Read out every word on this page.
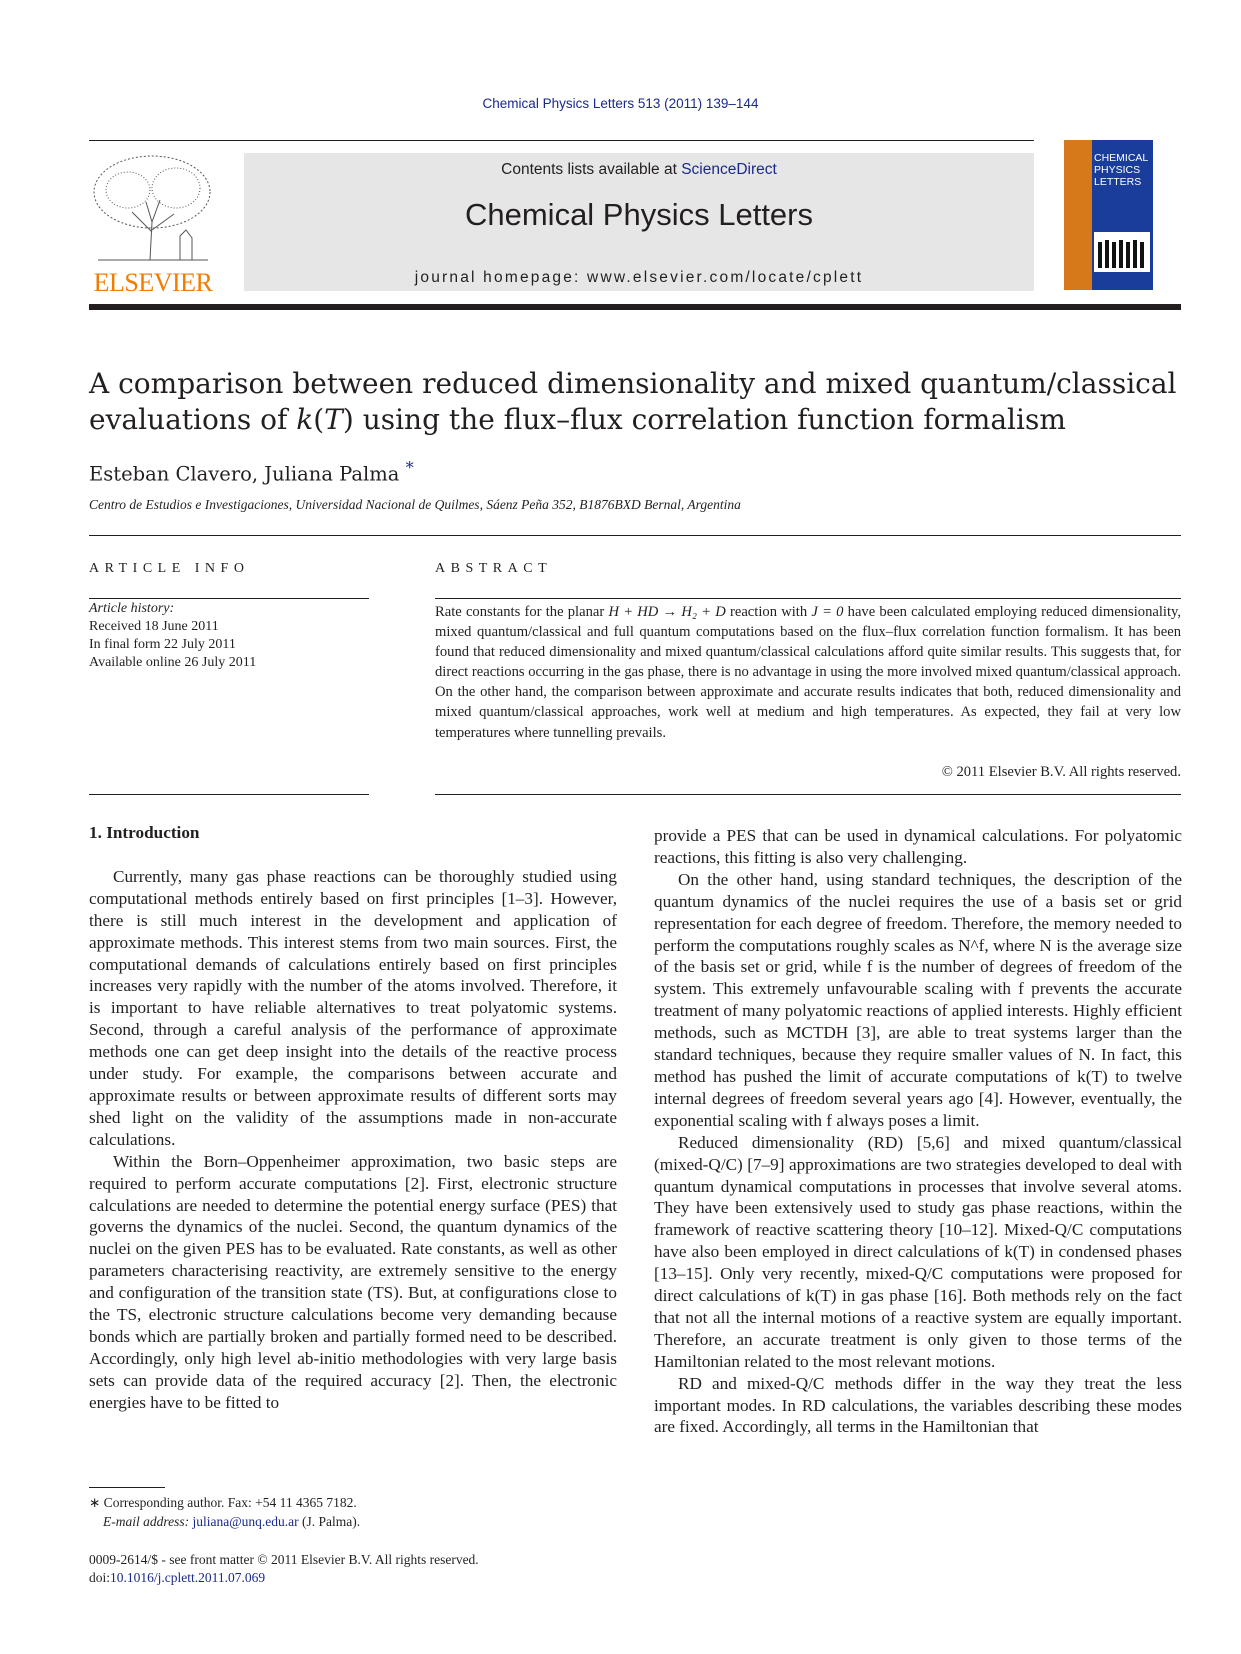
Chemical Physics Letters 513 (2011) 139–144
ELSEVIER
Contents lists available at ScienceDirect
Chemical Physics Letters
journal homepage: www.elsevier.com/locate/cplett
CHEMICAL PHYSICS LETTERS
A comparison between reduced dimensionality and mixed quantum/classical
evaluations of k(T) using the flux–flux correlation function formalism
Esteban Clavero, Juliana Palma *
Centro de Estudios e Investigaciones, Universidad Nacional de Quilmes, Sáenz Peña 352, B1876BXD Bernal, Argentina
ARTICLE INFO
Article history:
Received 18 June 2011
In final form 22 July 2011
Available online 26 July 2011
ABSTRACT
Rate constants for the planar H + HD → H₂ + D reaction with J = 0 have been calculated employing reduced dimensionality, mixed quantum/classical and full quantum computations based on the flux–flux correlation function formalism. It has been found that reduced dimensionality and mixed quantum/classical calculations afford quite similar results. This suggests that, for direct reactions occurring in the gas phase, there is no advantage in using the more involved mixed quantum/classical approach. On the other hand, the comparison between approximate and accurate results indicates that both, reduced dimensionality and mixed quantum/classical approaches, work well at medium and high temperatures. As expected, they fail at very low temperatures where tunnelling prevails.
© 2011 Elsevier B.V. All rights reserved.

1. Introduction

Currently, many gas phase reactions can be thoroughly studied using computational methods entirely based on first principles [1–3]. However, there is still much interest in the development and application of approximate methods. This interest stems from two main sources. First, the computational demands of calculations entirely based on first principles increases very rapidly with the number of the atoms involved. Therefore, it is important to have reliable alternatives to treat polyatomic systems. Second, through a careful analysis of the performance of approximate methods one can get deep insight into the details of the reactive process under study. For example, the comparisons between accurate and approximate results or between approximate results of different sorts may shed light on the validity of the assumptions made in non-accurate calculations.

Within the Born–Oppenheimer approximation, two basic steps are required to perform accurate computations [2]. First, electronic structure calculations are needed to determine the potential energy surface (PES) that governs the dynamics of the nuclei. Second, the quantum dynamics of the nuclei on the given PES has to be evaluated. Rate constants, as well as other parameters characterising reactivity, are extremely sensitive to the energy and configuration of the transition state (TS). But, at configurations close to the TS, electronic structure calculations become very demanding because bonds which are partially broken and partially formed need to be described. Accordingly, only high level ab-initio methodologies with very large basis sets can provide data of the required accuracy [2]. Then, the electronic energies have to be fitted to

provide a PES that can be used in dynamical calculations. For polyatomic reactions, this fitting is also very challenging.

On the other hand, using standard techniques, the description of the quantum dynamics of the nuclei requires the use of a basis set or grid representation for each degree of freedom. Therefore, the memory needed to perform the computations roughly scales as N^f, where N is the average size of the basis set or grid, while f is the number of degrees of freedom of the system. This extremely unfavourable scaling with f prevents the accurate treatment of many polyatomic reactions of applied interests. Highly efficient methods, such as MCTDH [3], are able to treat systems larger than the standard techniques, because they require smaller values of N. In fact, this method has pushed the limit of accurate computations of k(T) to twelve internal degrees of freedom several years ago [4]. However, eventually, the exponential scaling with f always poses a limit.

Reduced dimensionality (RD) [5,6] and mixed quantum/classical (mixed-Q/C) [7–9] approximations are two strategies developed to deal with quantum dynamical computations in processes that involve several atoms. They have been extensively used to study gas phase reactions, within the framework of reactive scattering theory [10–12]. Mixed-Q/C computations have also been employed in direct calculations of k(T) in condensed phases [13–15]. Only very recently, mixed-Q/C computations were proposed for direct calculations of k(T) in gas phase [16]. Both methods rely on the fact that not all the internal motions of a reactive system are equally important. Therefore, an accurate treatment is only given to those terms of the Hamiltonian related to the most relevant motions.

RD and mixed-Q/C methods differ in the way they treat the less important modes. In RD calculations, the variables describing these modes are fixed. Accordingly, all terms in the Hamiltonian that

∗ Corresponding author. Fax: +54 11 4365 7182.
E-mail address: juliana@unq.edu.ar (J. Palma).
0009-2614/$ - see front matter © 2011 Elsevier B.V. All rights reserved.
doi:10.1016/j.cplett.2011.07.069
